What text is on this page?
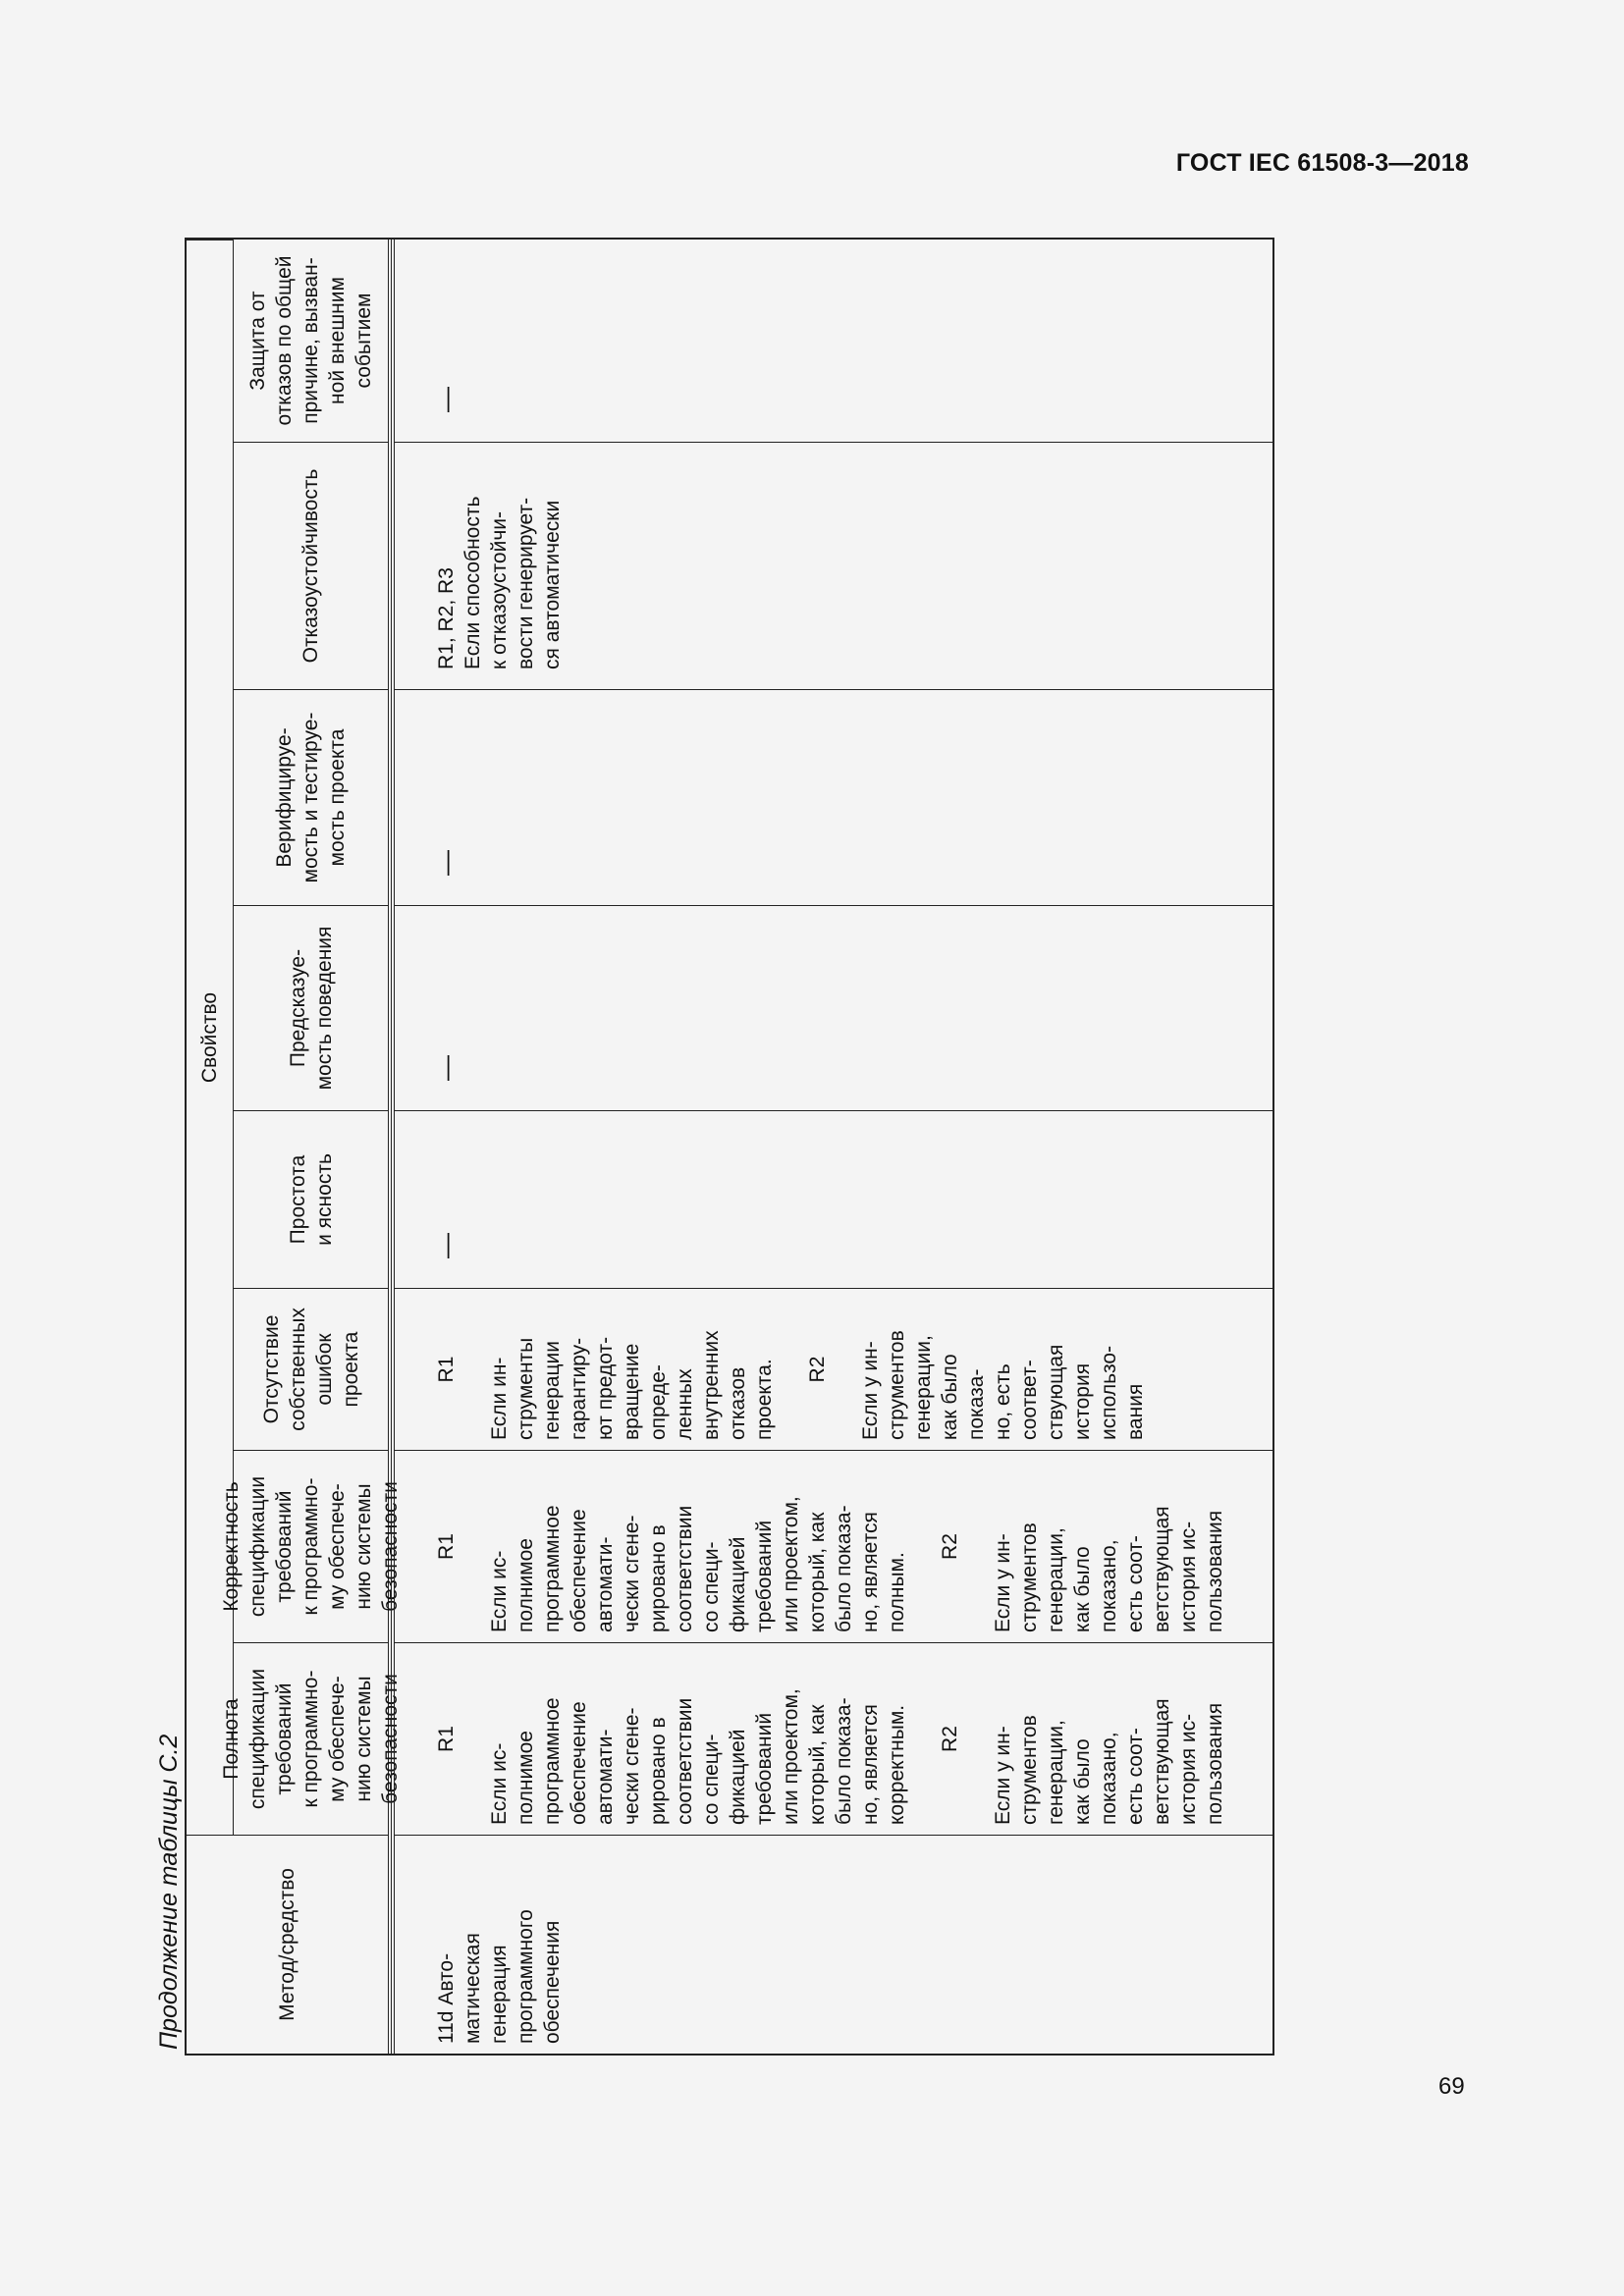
ГОСТ IEC 61508-3—2018
Продолжение таблицы С.2	Метод/средство
Свойство
Полнота
спецификации
требований
к программно-
му обеспече-
нию системы
безопасности
Корректность
спецификации
требований
к программно-
му обеспече-
нию системы
безопасности
Отсутствие
собственных
ошибок
проекта
Простота
и ясность
Предсказуе-
мость поведения
Верифицируе-
мость и тестируе-
мость проекта
Отказоустойчивость
Защита от
отказов по общей
причине, вызван-
ной внешним
событием

11d Авто-
матическая
генерация
программного
обеспечения

R1

Если ис-
полнимое
программное
обеспечение
автомати-
чески сгене-
рировано в
соответствии
со специ-
фикацией
требований
или проектом,
который, как
было показа-
но, является
корректным. R2

Если у ин-
струментов
генерации,
как было
показано,
есть соот-
ветствующая
история ис-
пользования

R1

Если ис-
полнимое
программное
обеспечение
автомати-
чески сгене-
рировано в
соответствии
со специ-
фикацией
требований
или проектом,
который, как
было показа-
но, является
полным.

R2

Если у ин-
струментов
генерации,
как было
показано,
есть соот-
ветствующая
история ис-
пользования

R1

Если ин-
струменты
генерации
гарантиру-
ют предот-
вращение
опреде-
ленных
внутренних
отказов
проекта. R2

Если у ин-
струментов
генерации,
как было
показа-
но, есть
соответ-
ствующая
история
использо-
вания

—

—

—

R1, R2, R3
Если способность
к отказоустойчи-
вости генерирует-
ся автоматически

—

69
